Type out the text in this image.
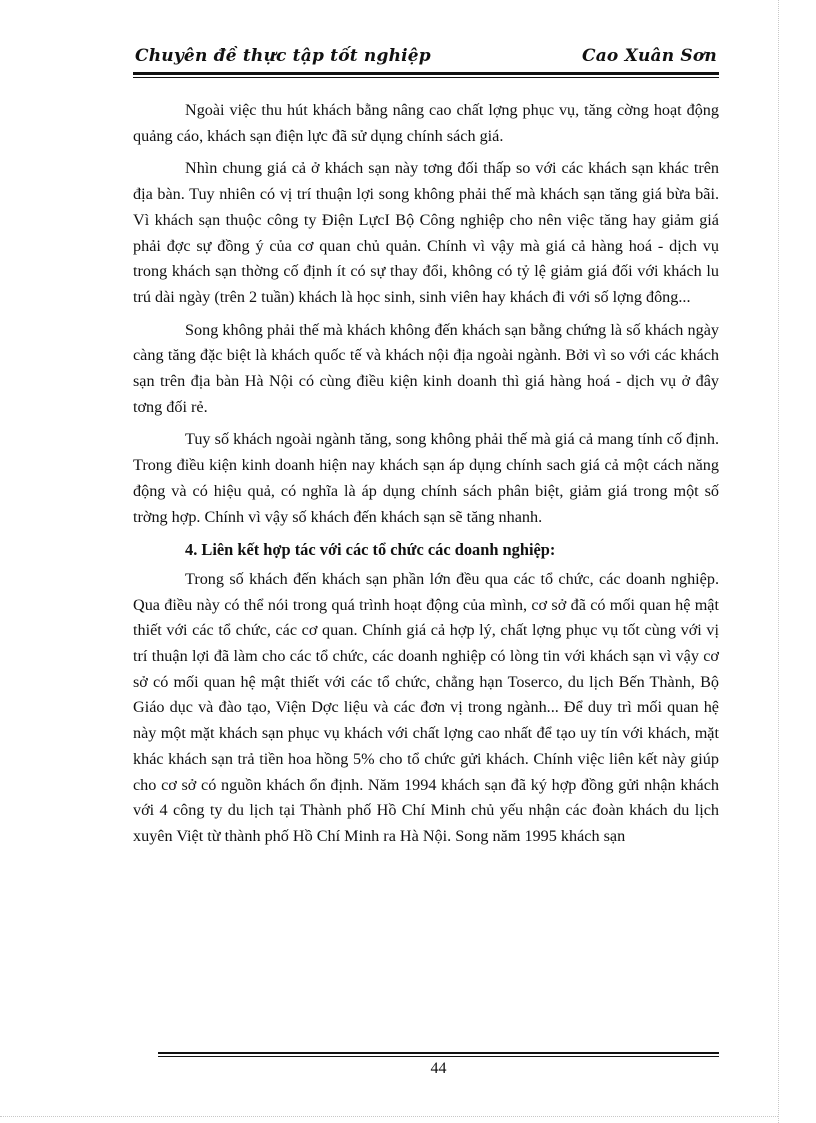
Chuyên đề thực tập tốt nghiệp	Cao Xuân Sơn

Ngoài việc thu hút khách bằng nâng cao chất lợng phục vụ, tăng cờng hoạt động quảng cáo, khách sạn điện lực đã sử dụng chính sách giá.

Nhìn chung giá cả ở khách sạn này tơng đối thấp so với các khách sạn khác trên địa bàn. Tuy nhiên có vị trí thuận lợi song không phải thế mà khách sạn tăng giá bừa bãi. Vì khách sạn thuộc công ty Điện LựcI Bộ Công nghiệp cho nên việc tăng hay giảm giá phải đợc sự đồng ý của cơ quan chủ quản. Chính vì vậy mà giá cả hàng hoá - dịch vụ trong khách sạn thờng cố định ít có sự thay đổi, không có tỷ lệ giảm giá đối với khách lu trú dài ngày (trên 2 tuần) khách là học sinh, sinh viên hay khách đi với số lợng đông...

Song không phải thế mà khách không đến khách sạn bằng chứng là số khách ngày càng tăng đặc biệt là khách quốc tế và khách nội địa ngoài ngành. Bởi vì so với các khách sạn trên địa bàn Hà Nội có cùng điều kiện kinh doanh thì giá hàng hoá - dịch vụ ở đây tơng đối rẻ.

Tuy số khách ngoài ngành tăng, song không phải thế mà giá cả mang tính cố định. Trong điều kiện kinh doanh hiện nay khách sạn áp dụng chính sach giá cả một cách năng động và có hiệu quả, có nghĩa là áp dụng chính sách phân biệt, giảm giá trong một số trờng hợp. Chính vì vậy số khách đến khách sạn sẽ tăng nhanh.

4. Liên kết hợp tác với các tổ chức các doanh nghiệp:

Trong số khách đến khách sạn phần lớn đều qua các tổ chức, các doanh nghiệp. Qua điều này có thể nói trong quá trình hoạt động của mình, cơ sở đã có mối quan hệ mật thiết với các tổ chức, các cơ quan. Chính giá cả hợp lý, chất lợng phục vụ tốt cùng với vị trí thuận lợi đã làm cho các tổ chức, các doanh nghiệp có lòng tin với khách sạn vì vậy cơ sở có mối quan hệ mật thiết với các tổ chức, chẳng hạn Toserco, du lịch Bến Thành, Bộ Giáo dục và đào tạo, Viện Dợc liệu và các đơn vị trong ngành... Để duy trì mối quan hệ này một mặt khách sạn phục vụ khách với chất lợng cao nhất để tạo uy tín với khách, mặt khác khách sạn trả tiền hoa hồng 5% cho tổ chức gửi khách. Chính việc liên kết này giúp cho cơ sở có nguồn khách ổn định. Năm 1994 khách sạn đã ký hợp đồng gửi nhận khách với 4 công ty du lịch tại Thành phố Hồ Chí Minh chủ yếu nhận các đoàn khách du lịch xuyên Việt từ thành phố Hồ Chí Minh ra Hà Nội. Song năm 1995 khách sạn

44
